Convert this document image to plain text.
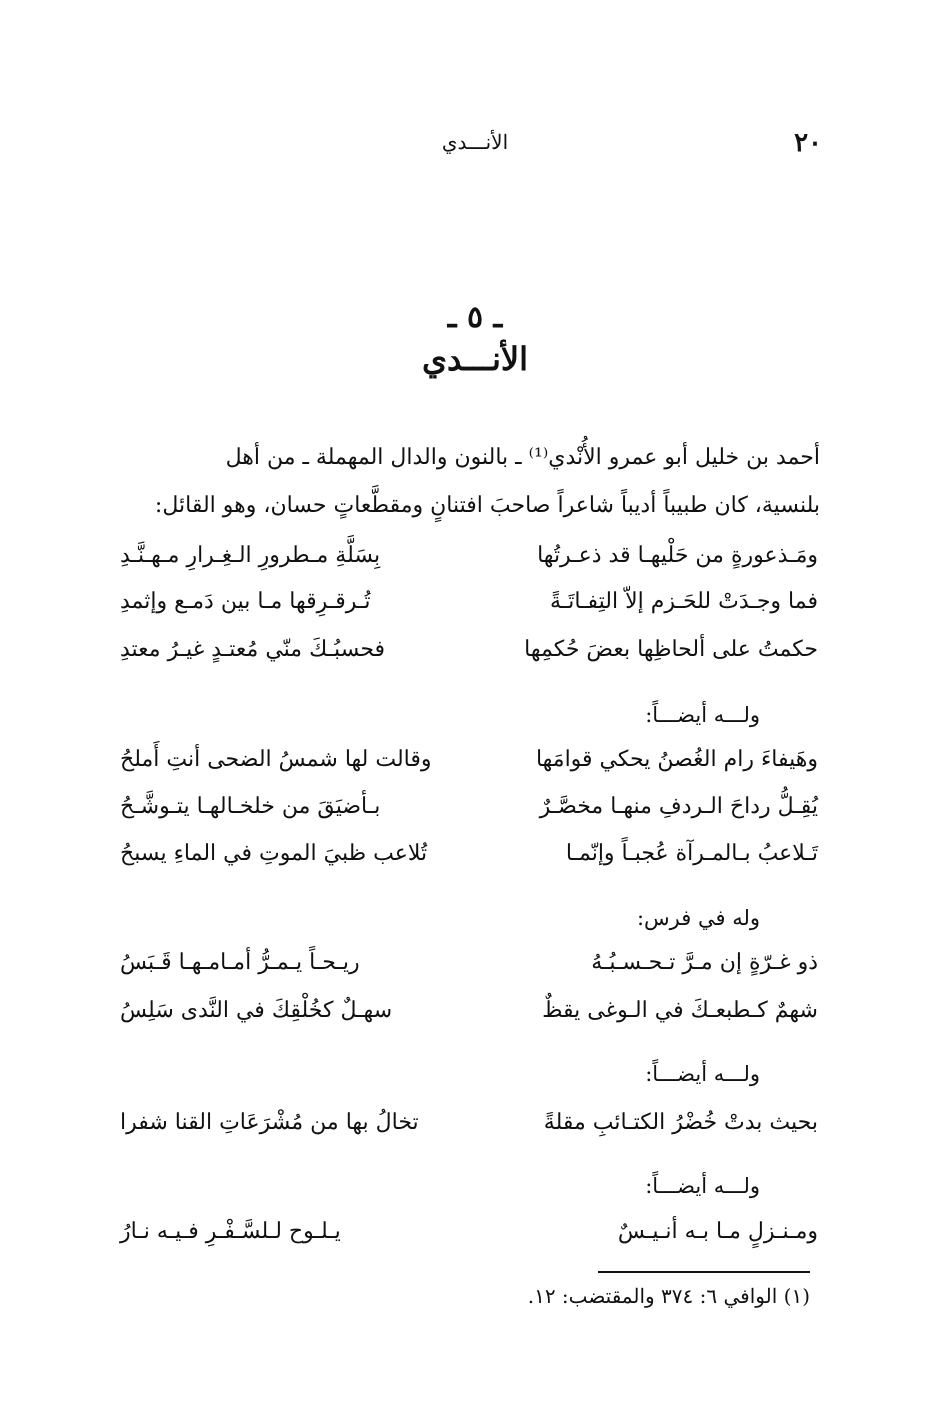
٢٠
الأنـــدي
ـ ٥ ـ
الأنـــدي
أحمد بن خليل أبو عمرو الأُنْدي⁽¹⁾ ـ بالنون والدال المهملة ـ من أهل
بلنسية، كان طبيباً أديباً شاعراً صاحبَ افتنانٍ ومقطَّعاتٍ حسان، وهو القائل:
ومَـذعورةٍ من حَلْيهـا قد ذعـرتُها
بِسَلَّةِ مـطرورِ الـغِـرارِ مـهـنَّـدِ
فما وجـدَتْ للحَـزم إلاّ التِفـاتَـةً
تُـرقـرِقها مـا بين دَمـع وإثمدِ
حكمتُ على ألحاظِها بعضَ حُكمِها
فحسبُـكَ منّي مُعتـدٍ غيـرُ معتدِ
ولـــه أيضـــاً:
وهَيفاءَ رام الغُصنُ يحكي قوامَها
وقالت لها شمسُ الضحى أنتِ أَملحُ
يُقِـلُّ رداحَ الـردفِ منهـا مخصَّـرٌ
بـأضيَقَ من خلخـالهـا يتـوشَّـحُ
تَـلاعبُ بـالمـرآة عُجبـاً وإنّمـا
تُلاعب ظبيَ الموتِ في الماءِ يسبحُ
وله في فرس:
ذو غـرّةٍ إن مـرَّ تـحـسـبُـهُ
ريـحـاً يـمـرُّ أمـامـهـا قَـبَسُ
شهمٌ كـطبعـكَ في الـوغى يقظٌ
سهـلٌ كخُلْقِكَ في النَّدى سَلِسُ
ولـــه أيضـــاً:
بحيث بدتْ خُضْرُ الكتـائبِ مقلةً
تخالُ بها من مُشْرَعَاتِ القنا شفرا
ولـــه أيضـــاً:
ومـنـزلٍ مـا بـه أنـيـسٌ
يـلـوح لـلسَّـفْـرِ فـيـه نـارُ
(١) الوافي ٦: ٣٧٤ والمقتضب: ١٢.
